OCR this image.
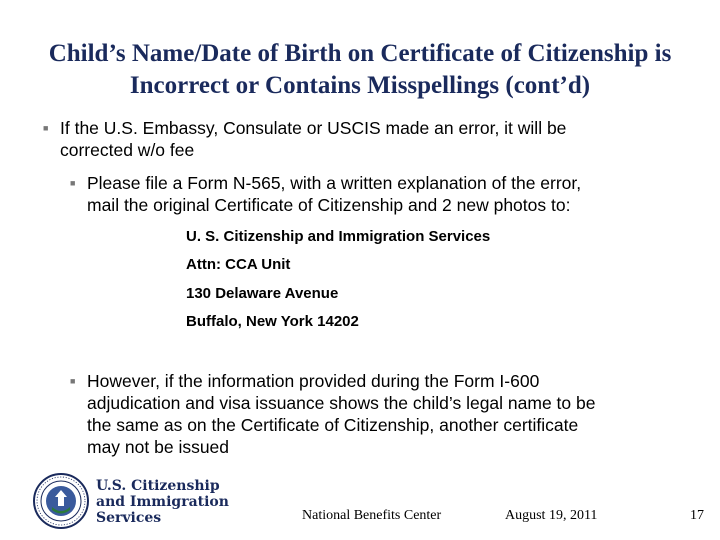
Child’s Name/Date of Birth on Certificate of Citizenship is
Incorrect or Contains Misspellings (cont’d)
■ If the U.S. Embassy, Consulate or USCIS made an error, it will be
corrected w/o fee
■ Please file a Form N-565, with a written explanation of the error,
mail the original Certificate of Citizenship and 2 new photos to:
U. S. Citizenship and Immigration Services
Attn: CCA Unit
130 Delaware Avenue
Buffalo, New York 14202
■ However, if the information provided during the Form I-600
adjudication and visa issuance shows the child’s legal name to be
the same as on the Certificate of Citizenship, another certificate
may not be issued
U.S. Citizenship
and Immigration
Services	National Benefits Center	August 19, 2011	17
